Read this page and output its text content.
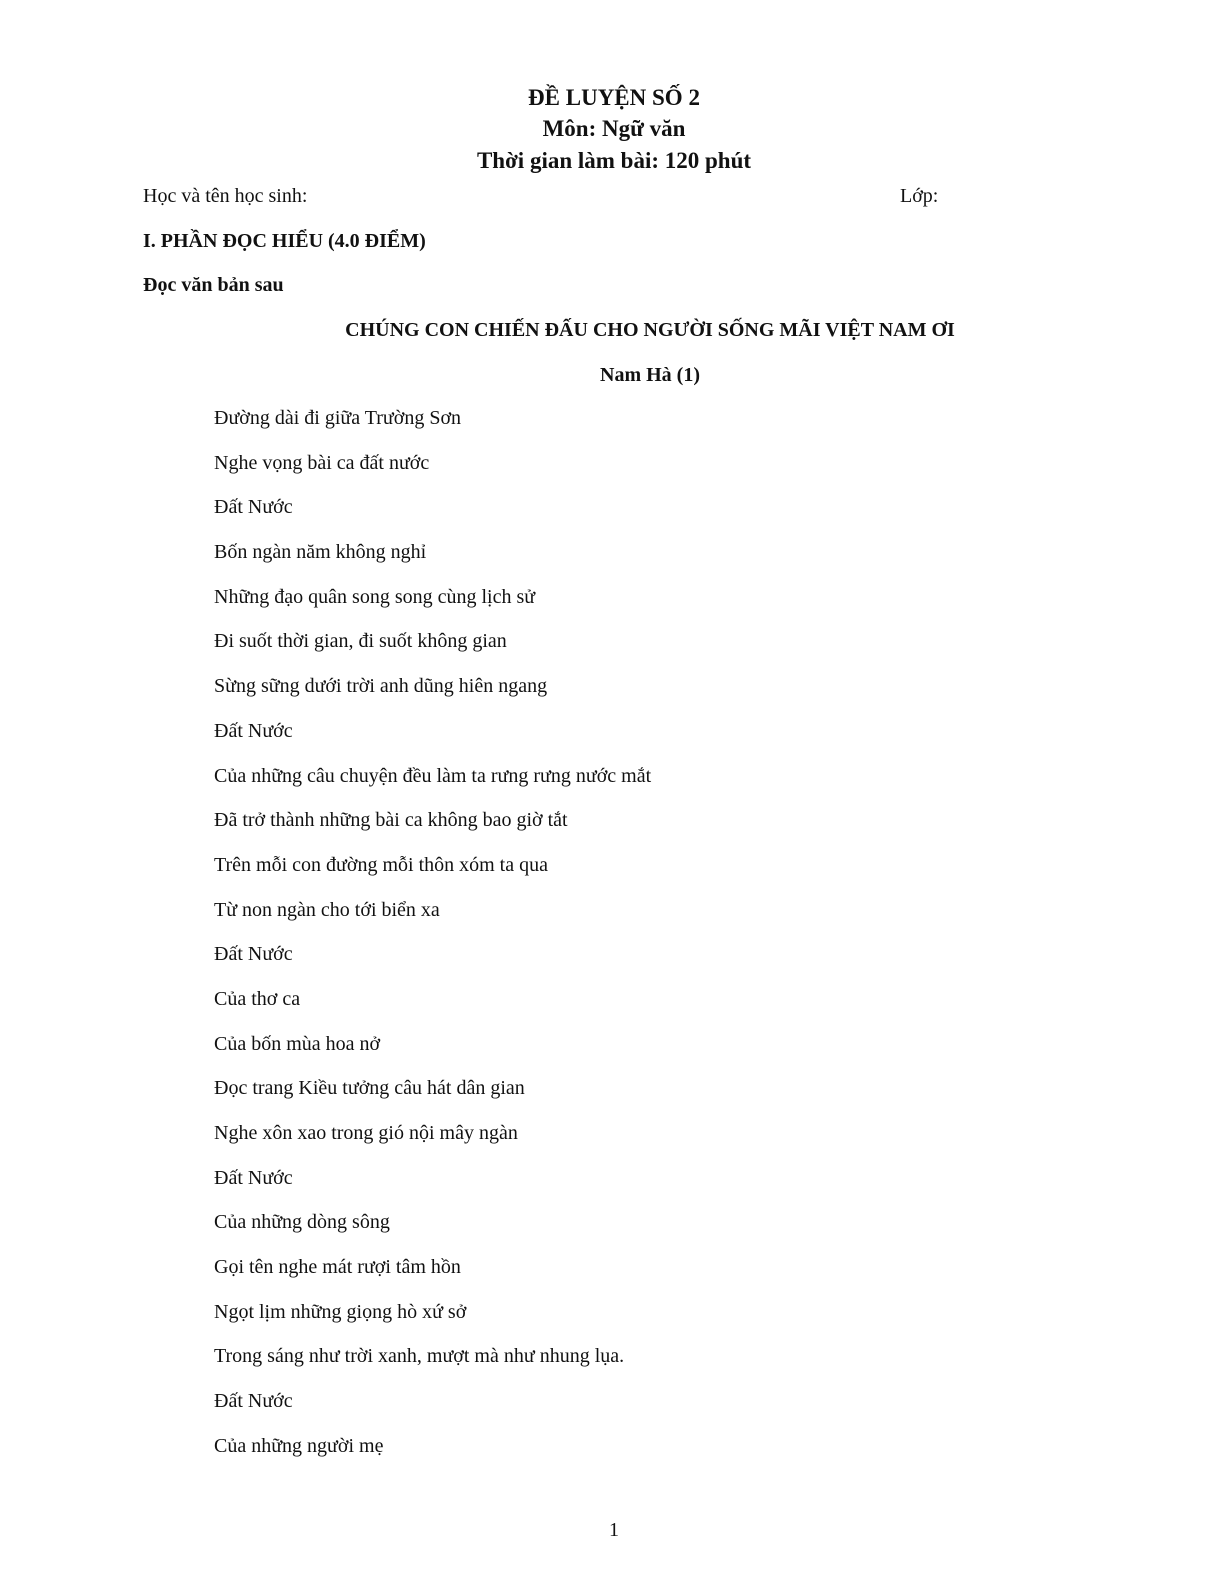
ĐỀ LUYỆN SỐ 2
Môn: Ngữ văn
Thời gian làm bài: 120 phút
Học và tên học sinh:	Lớp:
I. PHẦN ĐỌC HIỂU (4.0 ĐIỂM)
Đọc văn bản sau
CHÚNG CON CHIẾN ĐẤU CHO NGƯỜI SỐNG MÃI VIỆT NAM ƠI
Nam Hà (1)
Đường dài đi giữa Trường Sơn
Nghe vọng bài ca đất nước
Đất Nước
Bốn ngàn năm không nghỉ
Những đạo quân song song cùng lịch sử
Đi suốt thời gian, đi suốt không gian
Sừng sững dưới trời anh dũng hiên ngang
Đất Nước
Của những câu chuyện đều làm ta rưng rưng nước mắt
Đã trở thành những bài ca không bao giờ tắt
Trên mỗi con đường mỗi thôn xóm ta qua
Từ non ngàn cho tới biển xa
Đất Nước
Của thơ ca
Của bốn mùa hoa nở
Đọc trang Kiều tưởng câu hát dân gian
Nghe xôn xao trong gió nội mây ngàn
Đất Nước
Của những dòng sông
Gọi tên nghe mát rượi tâm hồn
Ngọt lịm những giọng hò xứ sở
Trong sáng như trời xanh, mượt mà như nhung lụa.
Đất Nước
Của những người mẹ
1
